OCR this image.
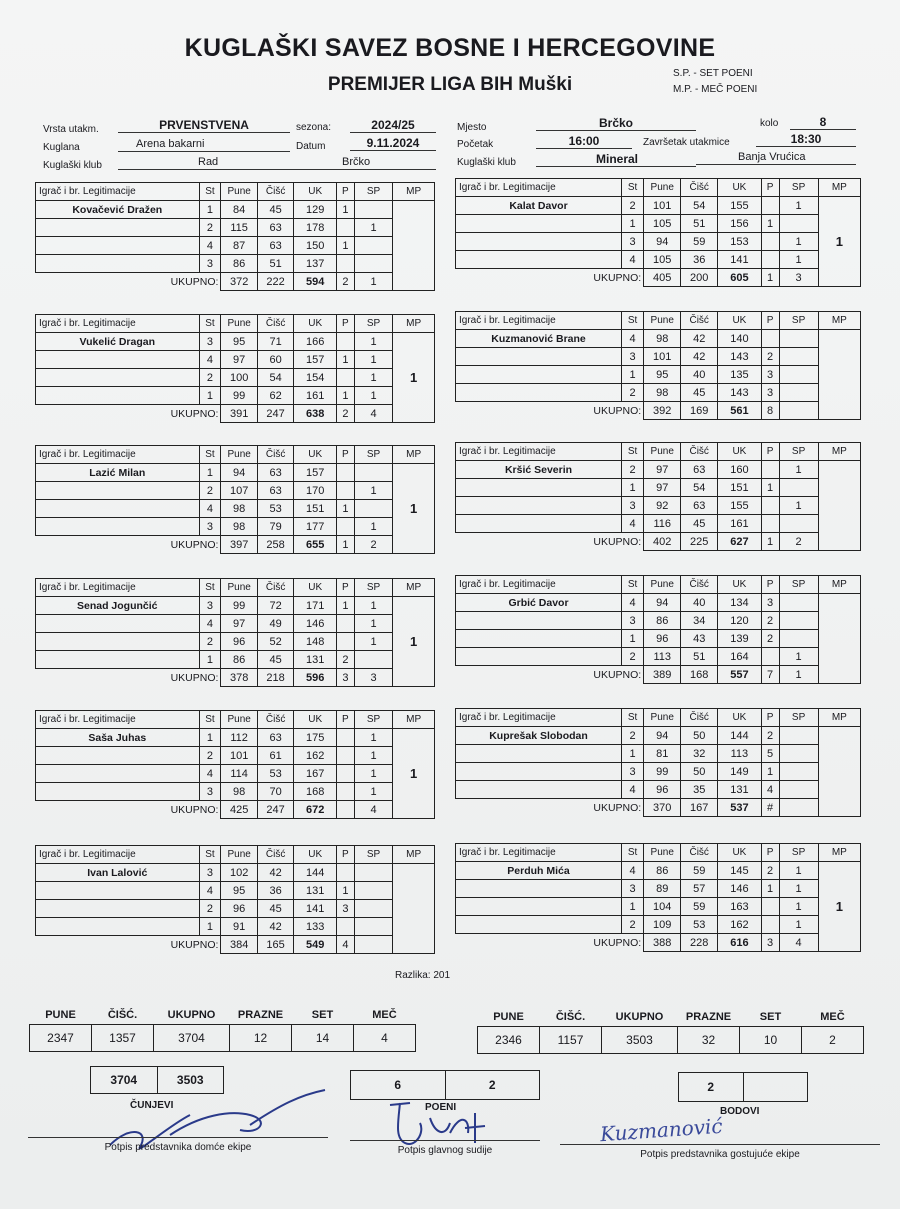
KUGLAŠKI SAVEZ BOSNE I HERCEGOVINE
PREMIJER LIGA BIH Muški
S.P. - SET POENI
M.P. - MEČ POENI
Vrsta utakm.	PRVENSTVENA	sezona:	2024/25	Mjesto	Brčko	kolo	8
Kuglana	Arena bakarni	Datum	9.11.2024	Početak	16:00	Završetak utakmice	18:30
Kuglaški klub	Rad	Brčko	Kuglaški klub	Mineral	Banja Vrućica
Igrač i br. Legitimacije	St	Pune	Čišć	UK	P	SP	MP
Kovačević Dražen	1	84	45	129	1		
	2	115	63	178		1	
	4	87	63	150	1		
	3	86	51	137			
UKUPNO:		372	222	594	2	1	
Igrač i br. Legitimacije	St	Pune	Čišć	UK	P	SP	MP
Vukelić Dragan	3	95	71	166		1	1
	4	97	60	157	1	1	
	2	100	54	154		1	
	1	99	62	161	1	1	
UKUPNO:		391	247	638	2	4	
Igrač i br. Legitimacije	St	Pune	Čišć	UK	P	SP	MP
Lazić Milan	1	94	63	157			1
	2	107	63	170		1	
	4	98	53	151	1		
	3	98	79	177		1	
UKUPNO:		397	258	655	1	2	
Igrač i br. Legitimacije	St	Pune	Čišć	UK	P	SP	MP
Senad Jogunčić	3	99	72	171	1	1	1
	4	97	49	146		1	
	2	96	52	148		1	
	1	86	45	131	2		
UKUPNO:		378	218	596	3	3	
Igrač i br. Legitimacije	St	Pune	Čišć	UK	P	SP	MP
Saša Juhas	1	112	63	175		1	1
	2	101	61	162		1	
	4	114	53	167		1	
	3	98	70	168		1	
UKUPNO:		425	247	672		4	
Igrač i br. Legitimacije	St	Pune	Čišć	UK	P	SP	MP
Ivan Lalović	3	102	42	144			
	4	95	36	131	1		
	2	96	45	141	3		
	1	91	42	133			
UKUPNO:		384	165	549	4		
Igrač i br. Legitimacije	St	Pune	Čišć	UK	P	SP	MP
Kalat Davor	2	101	54	155		1	1
	1	105	51	156	1		
	3	94	59	153		1	
	4	105	36	141		1	
UKUPNO:		405	200	605	1	3	
Igrač i br. Legitimacije	St	Pune	Čišć	UK	P	SP	MP
Kuzmanović Brane	4	98	42	140			
	3	101	42	143	2		
	1	95	40	135	3		
	2	98	45	143	3		
UKUPNO:		392	169	561	8		
Igrač i br. Legitimacije	St	Pune	Čišć	UK	P	SP	MP
Kršić Severin	2	97	63	160		1	
	1	97	54	151	1		
	3	92	63	155		1	
	4	116	45	161			
UKUPNO:		402	225	627	1	2	
Igrač i br. Legitimacije	St	Pune	Čišć	UK	P	SP	MP
Grbić Davor	4	94	40	134	3		
	3	86	34	120	2		
	1	96	43	139	2		
	2	113	51	164		1	
UKUPNO:		389	168	557	7	1	
Igrač i br. Legitimacije	St	Pune	Čišć	UK	P	SP	MP
Kuprešak Slobodan	2	94	50	144	2		
	1	81	32	113	5		
	3	99	50	149	1		
	4	96	35	131	4		
UKUPNO:		370	167	537	#		
Igrač i br. Legitimacije	St	Pune	Čišć	UK	P	SP	MP
Perduh Mića	4	86	59	145	2	1	1
	3	89	57	146	1	1	
	1	104	59	163		1	
	2	109	53	162		1	
UKUPNO:		388	228	616	3	4	
Razlika: 201
PUNE	ČIŠĆ.	UKUPNO	PRAZNE	SET	MEČ
2347	1357	3704	12	14	4
PUNE	ČIŠĆ.	UKUPNO	PRAZNE	SET	MEČ
2346	1157	3503	32	10	2
3704	3503
ČUNJEVI
6	2
POENI
2
BODOVI
Kuzmanović
Potpis predstavnika domće ekipe	Potpis glavnog sudije	Potpis predstavnika gostujuće ekipe
